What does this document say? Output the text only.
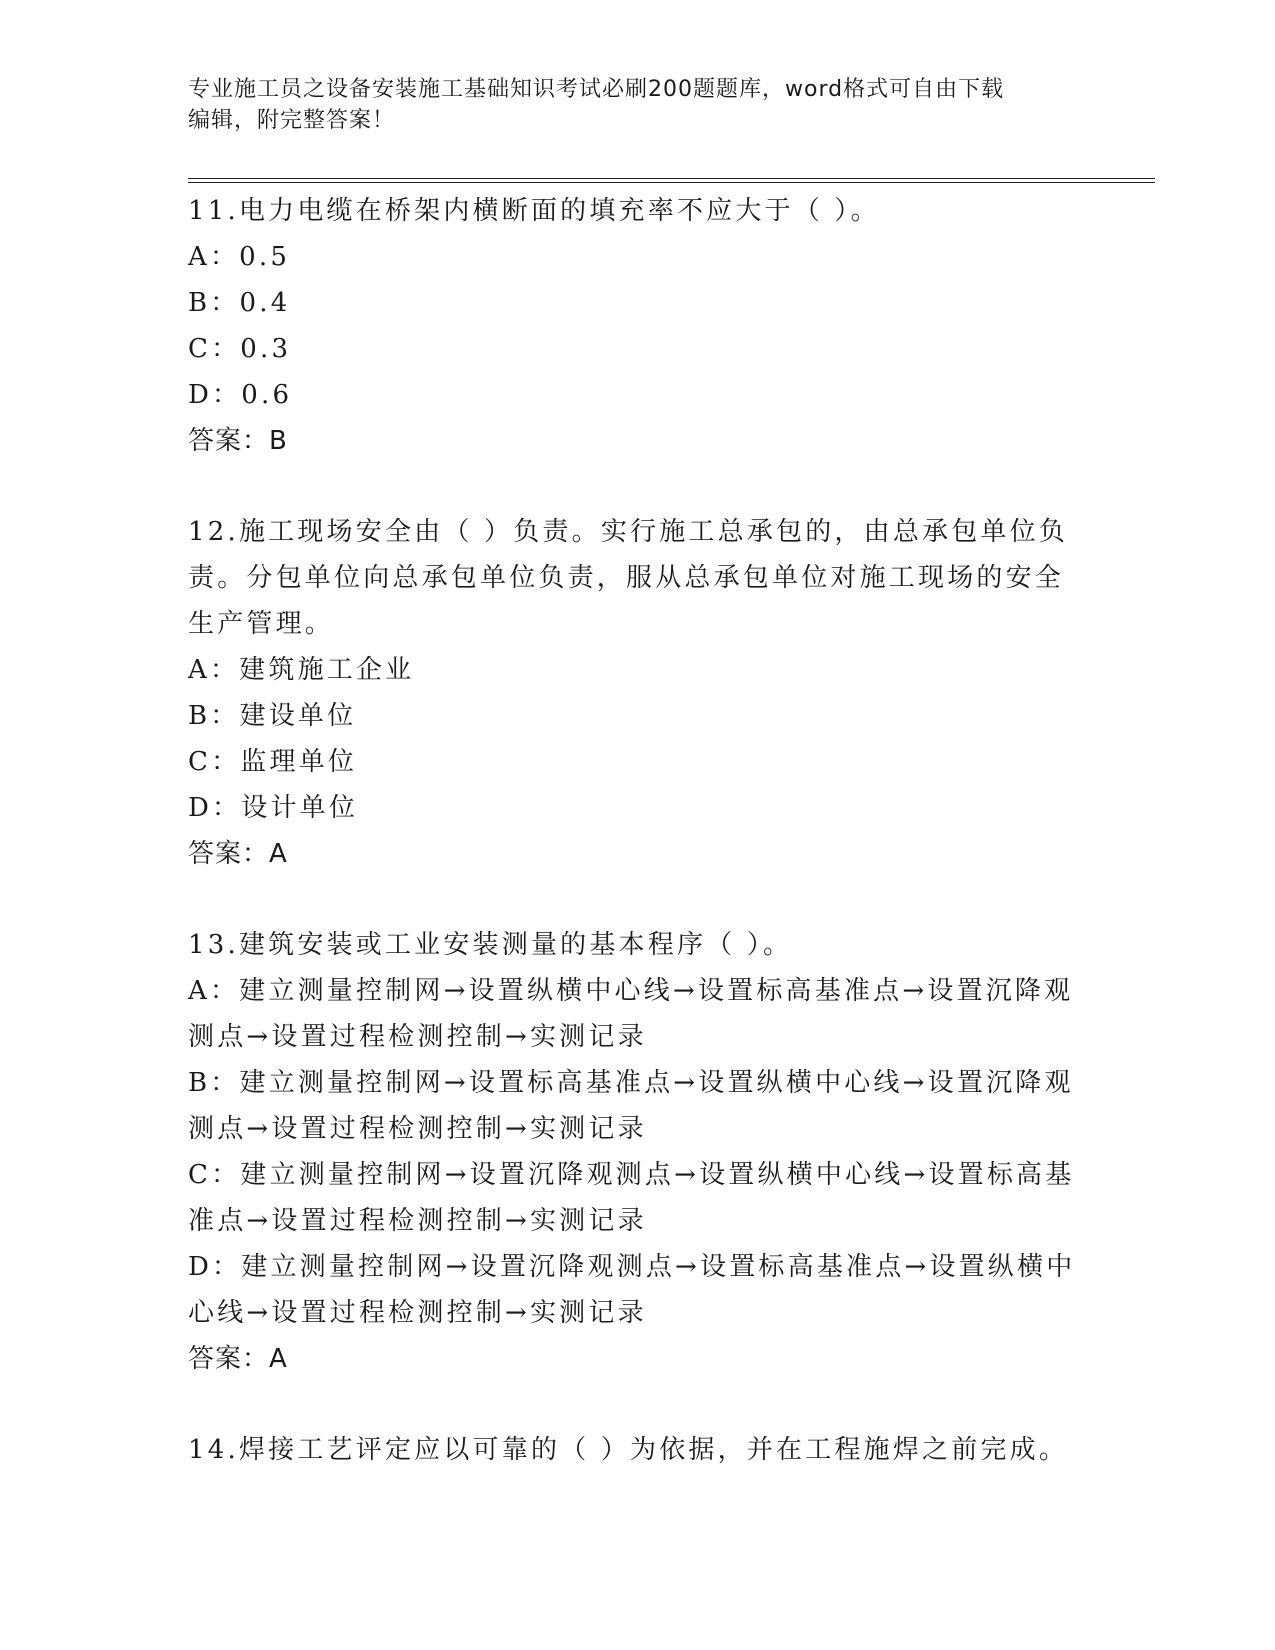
专业施工员之设备安装施工基础知识考试必刷200题题库，word格式可自由下载
编辑，附完整答案！
11.电力电缆在桥架内横断面的填充率不应大于（ ）。
A：0.5
B：0.4
C：0.3
D：0.6
答案：B
12.施工现场安全由（ ）负责。实行施工总承包的，由总承包单位负责。分包单位向总承包单位负责，服从总承包单位对施工现场的安全生产管理。
A：建筑施工企业
B：建设单位
C：监理单位
D：设计单位
答案：A
13.建筑安装或工业安装测量的基本程序（ ）。
A：建立测量控制网→设置纵横中心线→设置标高基准点→设置沉降观测点→设置过程检测控制→实测记录
B：建立测量控制网→设置标高基准点→设置纵横中心线→设置沉降观测点→设置过程检测控制→实测记录
C：建立测量控制网→设置沉降观测点→设置纵横中心线→设置标高基准点→设置过程检测控制→实测记录
D：建立测量控制网→设置沉降观测点→设置标高基准点→设置纵横中心线→设置过程检测控制→实测记录
答案：A
14.焊接工艺评定应以可靠的（ ）为依据，并在工程施焊之前完成。
